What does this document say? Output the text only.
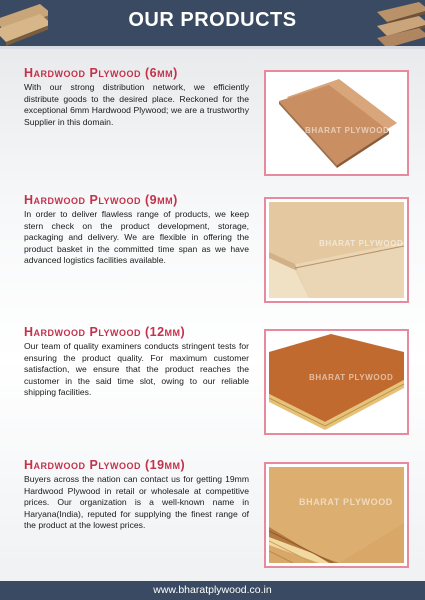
OUR PRODUCTS
Hardwood Plywood (6mm)
With our strong distribution network, we efficiently distribute goods to the desired place. Reckoned for the exceptional 6mm Hardwood Plywood; we are a trustworthy Supplier in this domain.
BHARAT PLYWOOD
Hardwood Plywood (9mm)
In order to deliver flawless range of products, we keep stern check on the product development, storage, packaging and delivery. We are flexible in offering the product basket in the committed time span as we have advanced logistics facilities available.
BHARAT PLYWOOD
Hardwood Plywood (12mm)
Our team of quality examiners conducts stringent tests for ensuring the product quality. For maximum customer satisfaction, we ensure that the product reaches the customer in the said time slot, owing to our reliable shipping facilities.
BHARAT PLYWOOD
Hardwood Plywood (19mm)
Buyers across the nation can contact us for getting 19mm Hardwood Plywood in retail or wholesale at competitive prices. Our organization is a well-known name in Haryana(India), reputed for supplying the finest range of the product at the lowest prices.
BHARAT PLYWOOD
www.bharatplywood.co.in
